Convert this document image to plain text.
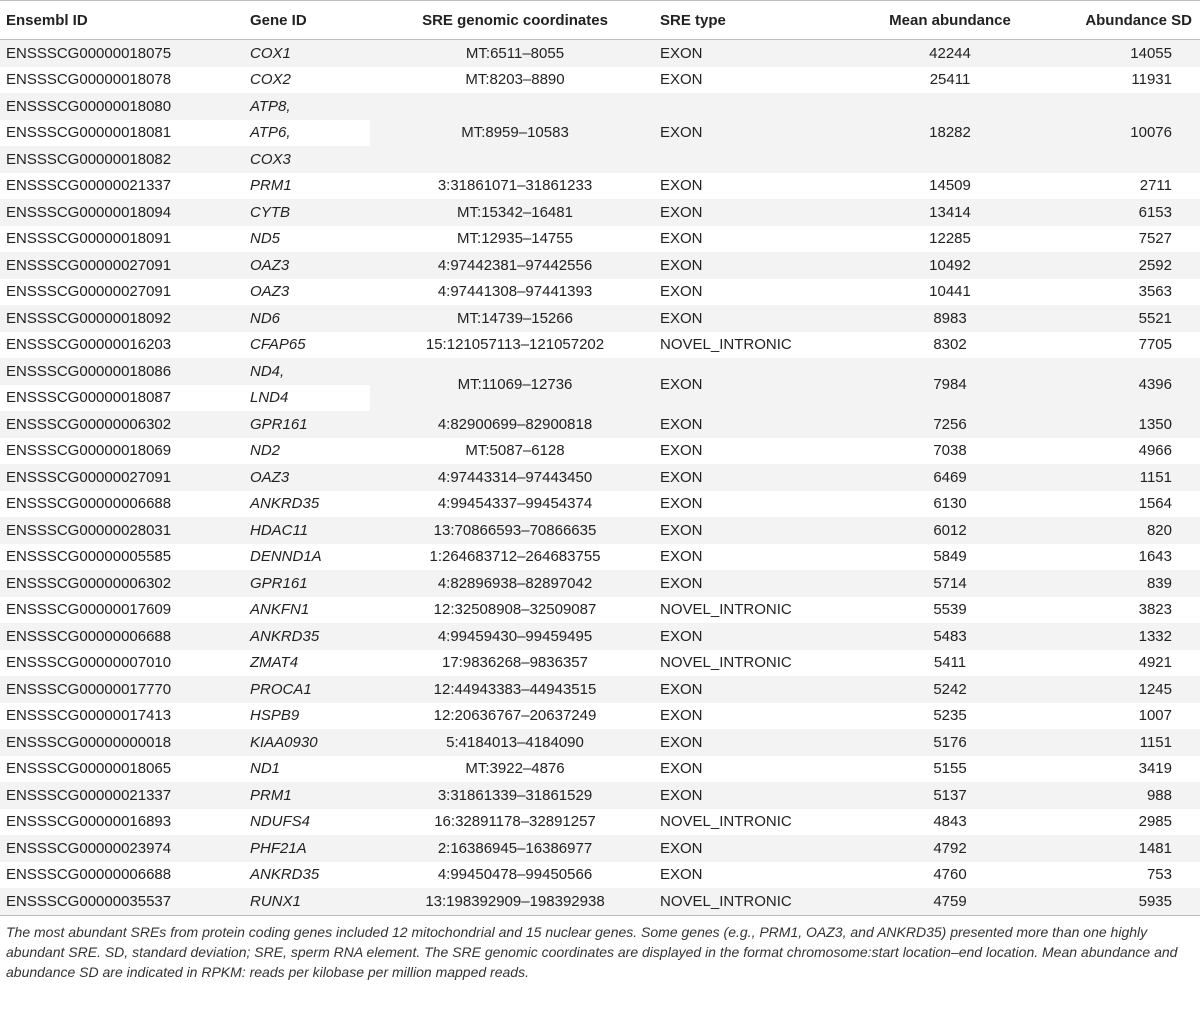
Ensembl ID	Gene ID	SRE genomic coordinates	SRE type	Mean abundance	Abundance SD
ENSSSCG00000018075	COX1	MT:6511–8055	EXON	42244	14055
ENSSSCG00000018078	COX2	MT:8203–8890	EXON	25411	11931
ENSSSCG00000018080	ATP8,	MT:8959–10583	EXON	18282	10076
ENSSSCG00000018081	ATP6,				
ENSSSCG00000018082	COX3				
ENSSSCG00000021337	PRM1	3:31861071–31861233	EXON	14509	2711
ENSSSCG00000018094	CYTB	MT:15342–16481	EXON	13414	6153
ENSSSCG00000018091	ND5	MT:12935–14755	EXON	12285	7527
ENSSSCG00000027091	OAZ3	4:97442381–97442556	EXON	10492	2592
ENSSSCG00000027091	OAZ3	4:97441308–97441393	EXON	10441	3563
ENSSSCG00000018092	ND6	MT:14739–15266	EXON	8983	5521
ENSSSCG00000016203	CFAP65	15:121057113–121057202	NOVEL_INTRONIC	8302	7705
ENSSSCG00000018086	ND4,	MT:11069–12736	EXON	7984	4396
ENSSSCG00000018087	LND4				
ENSSSCG00000006302	GPR161	4:82900699–82900818	EXON	7256	1350
ENSSSCG00000018069	ND2	MT:5087–6128	EXON	7038	4966
ENSSSCG00000027091	OAZ3	4:97443314–97443450	EXON	6469	1151
ENSSSCG00000006688	ANKRD35	4:99454337–99454374	EXON	6130	1564
ENSSSCG00000028031	HDAC11	13:70866593–70866635	EXON	6012	820
ENSSSCG00000005585	DENND1A	1:264683712–264683755	EXON	5849	1643
ENSSSCG00000006302	GPR161	4:82896938–82897042	EXON	5714	839
ENSSSCG00000017609	ANKFN1	12:32508908–32509087	NOVEL_INTRONIC	5539	3823
ENSSSCG00000006688	ANKRD35	4:99459430–99459495	EXON	5483	1332
ENSSSCG00000007010	ZMAT4	17:9836268–9836357	NOVEL_INTRONIC	5411	4921
ENSSSCG00000017770	PROCA1	12:44943383–44943515	EXON	5242	1245
ENSSSCG00000017413	HSPB9	12:20636767–20637249	EXON	5235	1007
ENSSSCG00000000018	KIAA0930	5:4184013–4184090	EXON	5176	1151
ENSSSCG00000018065	ND1	MT:3922–4876	EXON	5155	3419
ENSSSCG00000021337	PRM1	3:31861339–31861529	EXON	5137	988
ENSSSCG00000016893	NDUFS4	16:32891178–32891257	NOVEL_INTRONIC	4843	2985
ENSSSCG00000023974	PHF21A	2:16386945–16386977	EXON	4792	1481
ENSSSCG00000006688	ANKRD35	4:99450478–99450566	EXON	4760	753
ENSSSCG00000035537	RUNX1	13:198392909–198392938	NOVEL_INTRONIC	4759	5935
The most abundant SREs from protein coding genes included 12 mitochondrial and 15 nuclear genes. Some genes (e.g., PRM1, OAZ3, and ANKRD35) presented more than one highly abundant SRE. SD, standard deviation; SRE, sperm RNA element. The SRE genomic coordinates are displayed in the format chromosome:start location–end location. Mean abundance and abundance SD are indicated in RPKM: reads per kilobase per million mapped reads.
